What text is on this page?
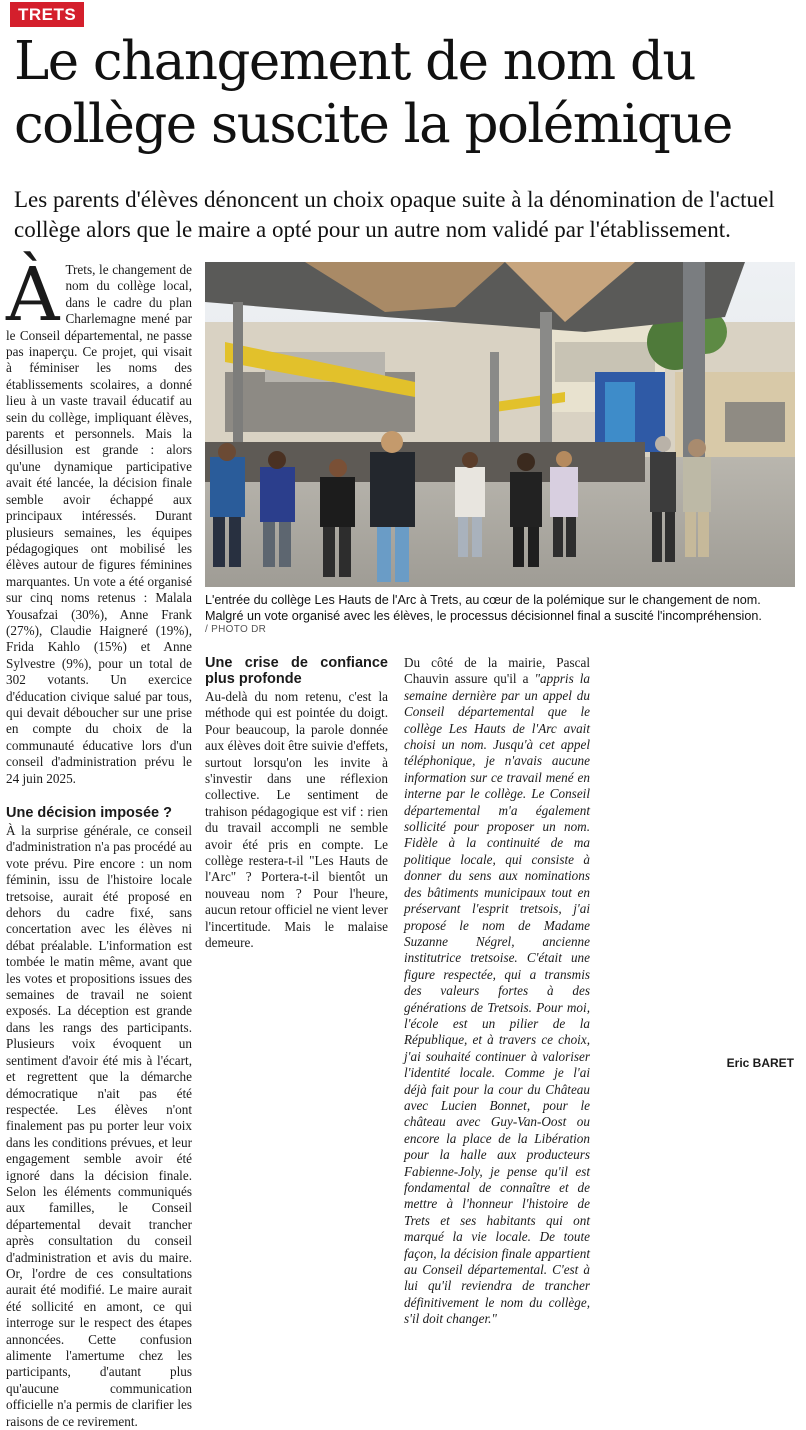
TRETS
Le changement de nom du collège suscite la polémique

Les parents d'élèves dénoncent un choix opaque suite à la dénomination de l'actuel collège alors que le maire a opté pour un autre nom validé par l'établissement.

À Trets, le changement de nom du collège local, dans le cadre du plan Charlemagne mené par le Conseil départemental, ne passe pas inaperçu. Ce projet, qui visait à féminiser les noms des établissements scolaires, a donné lieu à un vaste travail éducatif au sein du collège, impliquant élèves, parents et personnels. Mais la désillusion est grande : alors qu'une dynamique participative avait été lancée, la décision finale semble avoir échappé aux principaux intéressés. Durant plusieurs semaines, les équipes pédagogiques ont mobilisé les élèves autour de figures féminines marquantes. Un vote a été organisé sur cinq noms retenus : Malala Yousafzai (30%), Anne Frank (27%), Claudie Haigneré (19%), Frida Kahlo (15%) et Anne Sylvestre (9%), pour un total de 302 votants. Un exercice d'éducation civique salué par tous, qui devait déboucher sur une prise en compte du choix de la communauté éducative lors d'un conseil d'administration prévu le 24 juin 2025.

Une décision imposée ?

À la surprise générale, ce conseil d'administration n'a pas procédé au vote prévu. Pire encore : un nom féminin, issu de l'histoire locale tretsoise, aurait été proposé en dehors du cadre fixé, sans concertation avec les élèves ni débat préalable. L'information est tombée le matin même, avant que les votes et propositions issues des semaines de travail ne soient exposés. La déception est grande dans les rangs des participants. Plusieurs voix évoquent un sentiment d'avoir été mis à l'écart, et regrettent que la démarche démocratique n'ait pas été respectée. Les élèves n'ont finalement pas pu porter leur voix dans les conditions prévues, et leur engagement semble avoir été ignoré dans la décision finale. Selon les éléments communiqués aux familles, le Conseil départemental devait trancher après consultation du conseil d'administration et avis du maire. Or, l'ordre de ces consultations aurait été modifié. Le maire aurait été sollicité en amont, ce qui interroge sur le respect des étapes annoncées. Cette confusion alimente l'amertume chez les participants, d'autant plus qu'aucune communication officielle n'a permis de clarifier les raisons de ce revirement.

L'entrée du collège Les Hauts de l'Arc à Trets, au cœur de la polémique sur le changement de nom. Malgré un vote organisé avec les élèves, le processus décisionnel final a suscité l'incompréhension.

/ PHOTO DR

Une crise de confiance plus profonde

Au-delà du nom retenu, c'est la méthode qui est pointée du doigt. Pour beaucoup, la parole donnée aux élèves doit être suivie d'effets, surtout lorsqu'on les invite à s'investir dans une réflexion collective. Le sentiment de trahison pédagogique est vif : rien du travail accompli ne semble avoir été pris en compte. Le collège restera-t-il "Les Hauts de l'Arc" ? Portera-t-il bientôt un nouveau nom ? Pour l'heure, aucun retour officiel ne vient lever l'incertitude. Mais le malaise demeure.

Du côté de la mairie, Pascal Chauvin assure qu'il a "appris la semaine dernière par un appel du Conseil départemental que le collège Les Hauts de l'Arc avait choisi un nom. Jusqu'à cet appel téléphonique, je n'avais aucune information sur ce travail mené en interne par le collège. Le Conseil départemental m'a également sollicité pour proposer un nom. Fidèle à la continuité de ma politique locale, qui consiste à donner du sens aux nominations des bâtiments municipaux tout en préservant l'esprit tretsois, j'ai proposé le nom de Madame Suzanne Négrel, ancienne institutrice tretsoise. C'était une figure respectée, qui a transmis des valeurs fortes à des générations de Tretsois. Pour moi, l'école est un pilier de la République, et à travers ce choix, j'ai souhaité continuer à valoriser l'identité locale. Comme je l'ai déjà fait pour la cour du Château avec Lucien Bonnet, pour le château avec Guy-Van-Oost ou encore la place de la Libération pour la halle aux producteurs Fabienne-Joly, je pense qu'il est fondamental de connaître et de mettre à l'honneur l'histoire de Trets et ses habitants qui ont marqué la vie locale. De toute façon, la décision finale appartient au Conseil départemental. C'est à lui qu'il reviendra de trancher définitivement le nom du collège, s'il doit changer."

Eric BARET
